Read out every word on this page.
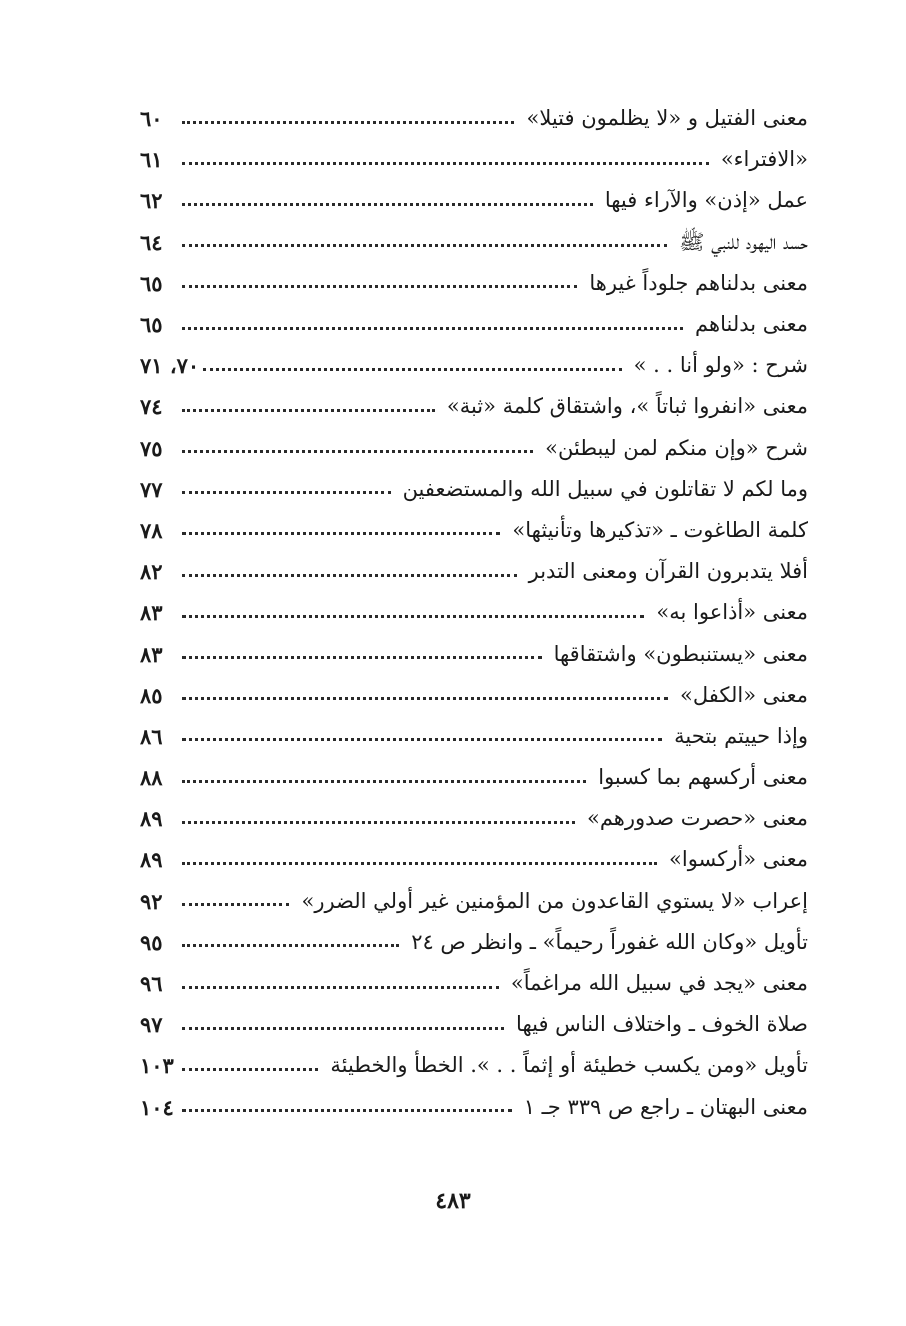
معنى الفتيل و «لا يظلمون فتيلا»
٦٠
«الافتراء»
٦١
عمل «إذن» والآراء فيها
٦٢
حسد اليهود للنبي ﷺ
٦٤
معنى بدلناهم جلوداً غيرها
٦٥
معنى بدلناهم
٦٥
شرح : «ولو أنا . . »
٧٠، ٧١
معنى «انفروا ثباتاً »، واشتقاق كلمة «ثبة»
٧٤
شرح «وإن منكم لمن ليبطئن»
٧٥
وما لكم لا تقاتلون في سبيل الله والمستضعفين
٧٧
كلمة الطاغوت ـ «تذكيرها وتأنيثها»
٧٨
أفلا يتدبرون القرآن ومعنى التدبر
٨٢
معنى «أذاعوا به»
٨٣
معنى «يستنبطون» واشتقاقها
٨٣
معنى «الكفل»
٨٥
وإذا حييتم بتحية
٨٦
معنى أركسهم بما كسبوا
٨٨
معنى «حصرت صدورهم»
٨٩
معنى «أركسوا»
٨٩
إعراب «لا يستوي القاعدون من المؤمنين غير أولي الضرر»
٩٢
تأويل «وكان الله غفوراً رحيماً» ـ وانظر ص ٢٤
٩٥
معنى «يجد في سبيل الله مراغماً»
٩٦
صلاة الخوف ـ واختلاف الناس فيها
٩٧
تأويل «ومن يكسب خطيئة أو إثماً . . ». الخطأ والخطيئة
١٠٣
معنى البهتان ـ راجع ص ٣٣٩ جـ ١
١٠٤
٤٨٣
